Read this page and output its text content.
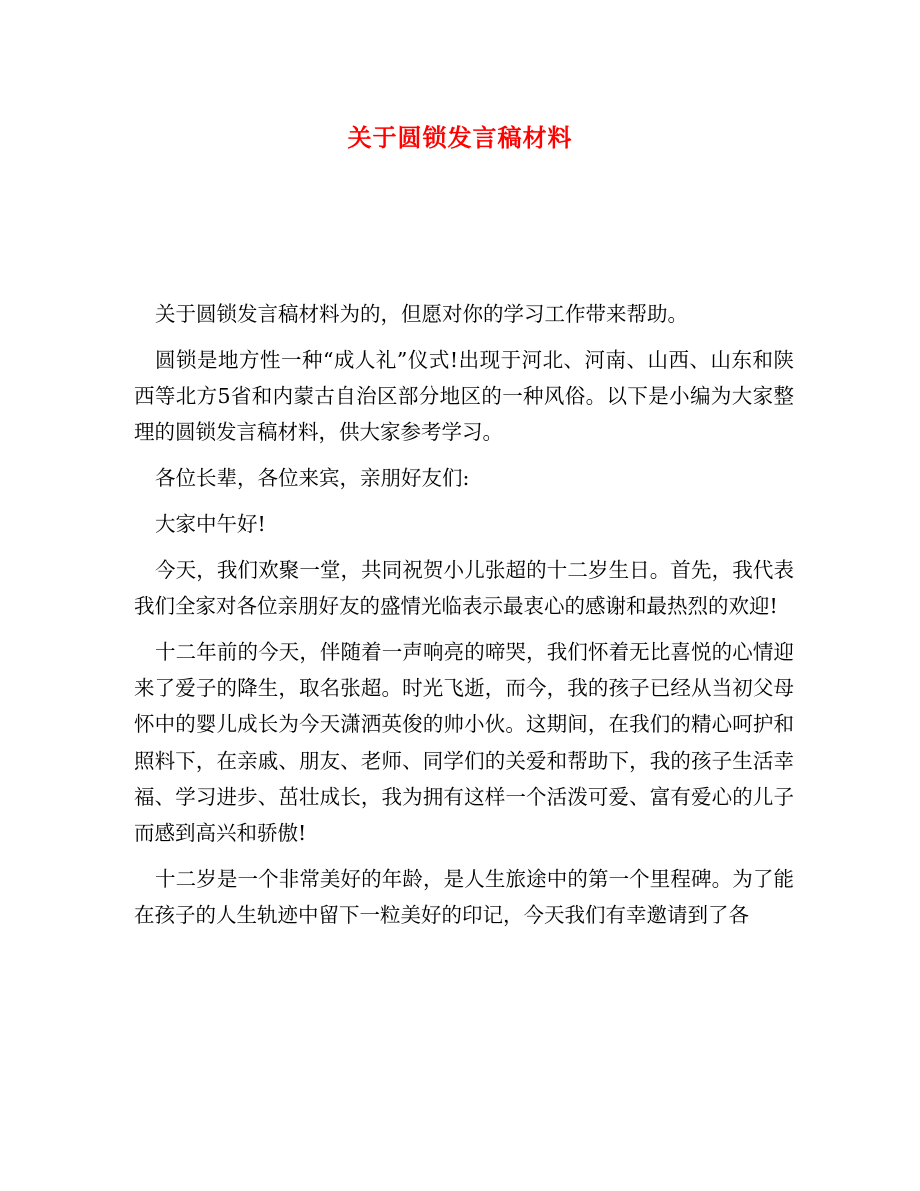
关于圆锁发言稿材料

关于圆锁发言稿材料为的，但愿对你的学习工作带来帮助。

圆锁是地方性一种“成人礼”仪式!出现于河北、河南、山西、山东和陕西等北方5省和内蒙古自治区部分地区的一种风俗。以下是小编为大家整理的圆锁发言稿材料，供大家参考学习。

各位长辈，各位来宾，亲朋好友们:

大家中午好!

今天，我们欢聚一堂，共同祝贺小儿张超的十二岁生日。首先，我代表我们全家对各位亲朋好友的盛情光临表示最衷心的感谢和最热烈的欢迎!

十二年前的今天，伴随着一声响亮的啼哭，我们怀着无比喜悦的心情迎来了爱子的降生，取名张超。时光飞逝，而今，我的孩子已经从当初父母怀中的婴儿成长为今天潇洒英俊的帅小伙。这期间，在我们的精心呵护和照料下，在亲戚、朋友、老师、同学们的关爱和帮助下，我的孩子生活幸福、学习进步、茁壮成长，我为拥有这样一个活泼可爱、富有爱心的儿子而感到高兴和骄傲!

十二岁是一个非常美好的年龄，是人生旅途中的第一个里程碑。为了能在孩子的人生轨迹中留下一粒美好的印记，今天我们有幸邀请到了各
